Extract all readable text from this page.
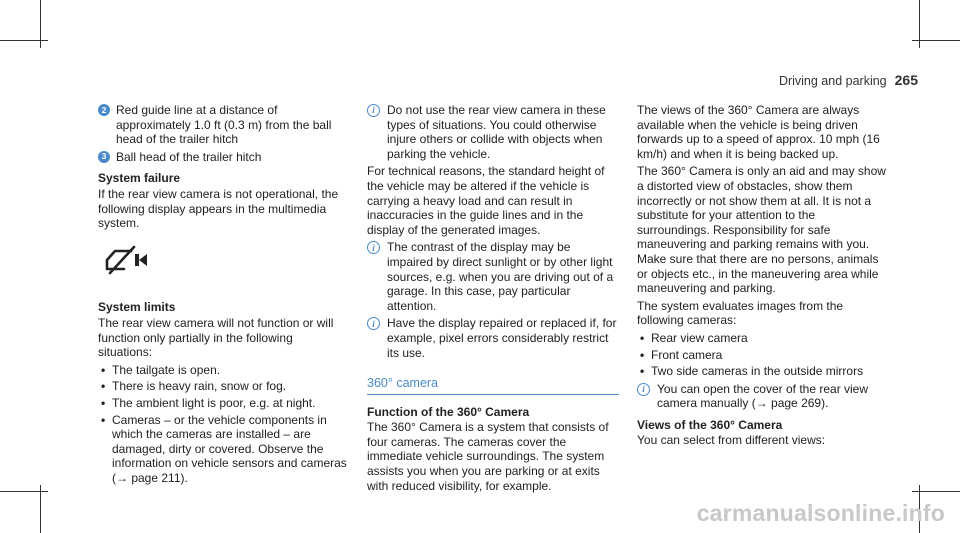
Driving and parking 265
2 Red guide line at a distance of approximately 1.0 ft (0.3 m) from the ball head of the trailer hitch
3 Ball head of the trailer hitch
System failure

If the rear view camera is not operational, the following display appears in the multimedia system.

System limits

The rear view camera will not function or will function only partially in the following situations:

• The tailgate is open.
• There is heavy rain, snow or fog.
• The ambient light is poor, e.g. at night.
• Cameras – or the vehicle components in which the cameras are installed – are damaged, dirty or covered. Observe the information on vehicle sensors and cameras (→ page 211).
i	Do not use the rear view camera in these types of situations. You could otherwise injure others or collide with objects when parking the vehicle.

For technical reasons, the standard height of the vehicle may be altered if the vehicle is carrying a heavy load and can result in inaccuracies in the guide lines and in the display of the generated images.

i	The contrast of the display may be impaired by direct sunlight or by other light sources, e.g. when you are driving out of a garage. In this case, pay particular attention.
i	Have the display repaired or replaced if, for example, pixel errors considerably restrict its use.
360° camera
Function of the 360° Camera

The 360° Camera is a system that consists of four cameras. The cameras cover the immediate vehicle surroundings. The system assists you when you are parking or at exits with reduced visibility, for example.

The views of the 360° Camera are always available when the vehicle is being driven forwards up to a speed of approx. 10 mph (16 km/h) and when it is being backed up.

The 360° Camera is only an aid and may show a distorted view of obstacles, show them incorrectly or not show them at all. It is not a substitute for your attention to the surroundings. Responsibility for safe maneuvering and parking remains with you. Make sure that there are no persons, animals or objects etc., in the maneuvering area while maneuvering and parking.

The system evaluates images from the following cameras:

• Rear view camera
• Front camera
• Two side cameras in the outside mirrors
i	You can open the cover of the rear view camera manually (→ page 269).
Views of the 360° Camera

You can select from different views:

carmanualsonline.info
